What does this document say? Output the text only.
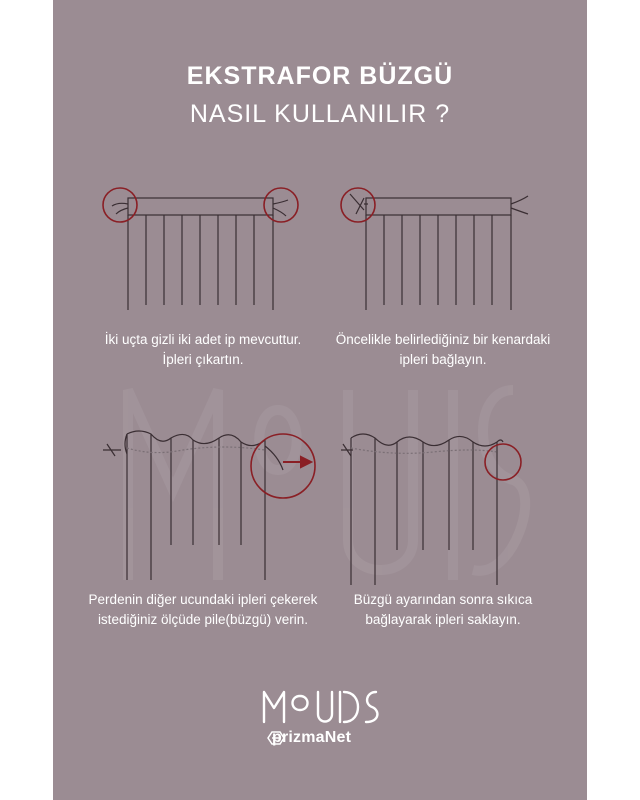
EKSTRAFOR BÜZGÜ
NASIL KULLANILIR ?
İki uçta gizli iki adet ip mevcuttur.
İpleri çıkartın.
Öncelikle belirlediğiniz bir kenardaki
ipleri bağlayın.
Perdenin diğer ucundaki ipleri çekerek
istediğiniz ölçüde pile(büzgü) verin.
Büzgü ayarından sonra sıkıca
bağlayarak ipleri saklayın.
prizmaNet
